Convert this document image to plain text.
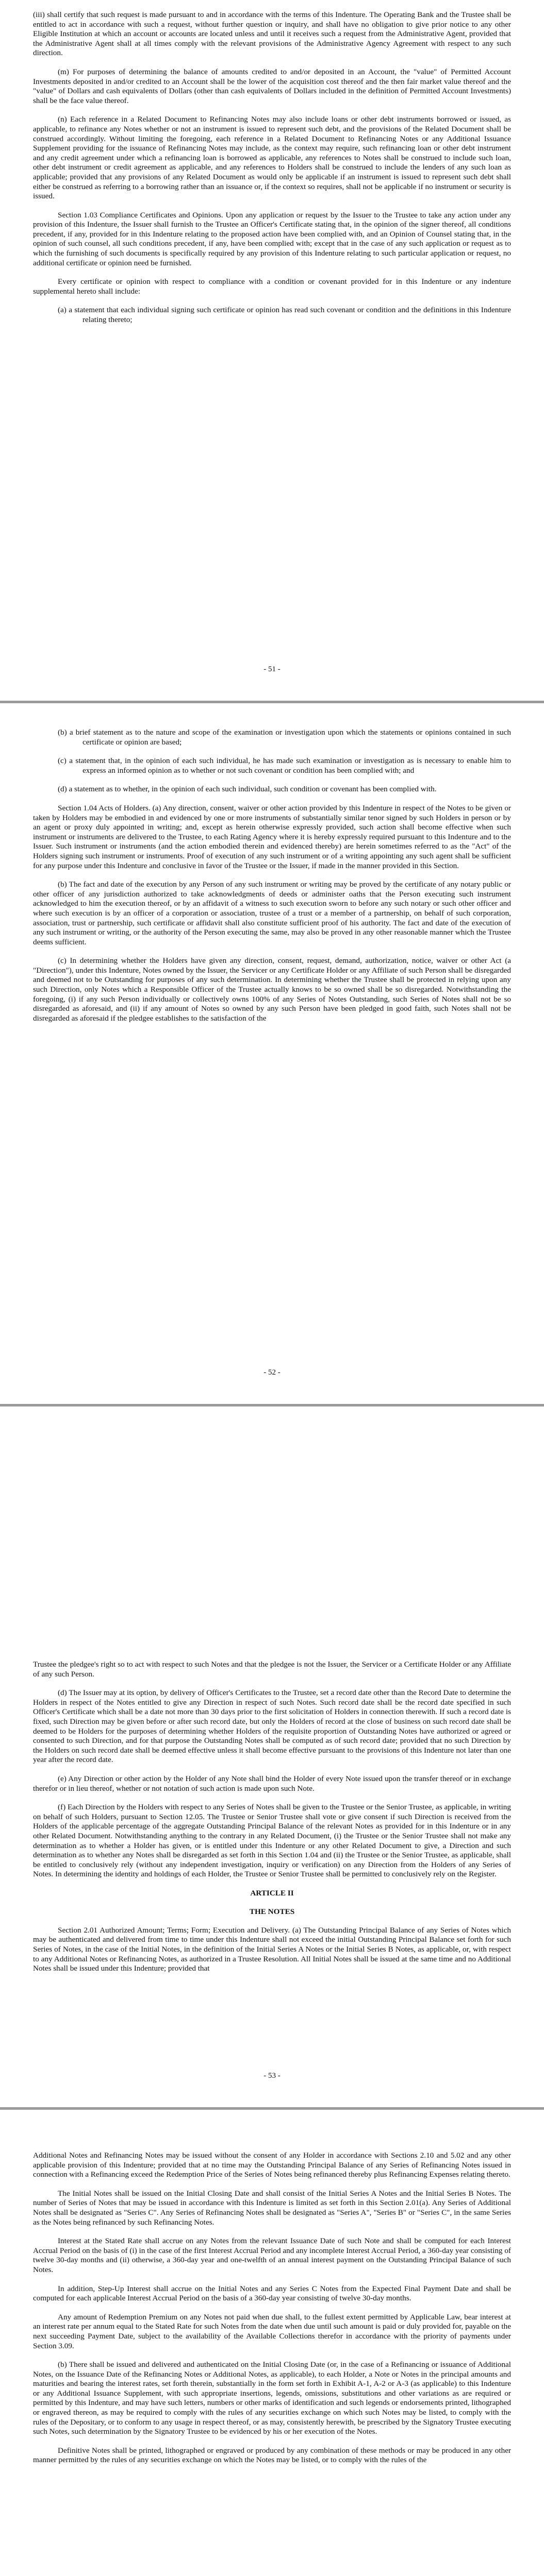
(iii) shall certify that such request is made pursuant to and in accordance with the terms of this Indenture. The Operating Bank and the Trustee shall be entitled to act in accordance with such a request, without further question or inquiry, and shall have no obligation to give prior notice to any other Eligible Institution at which an account or accounts are located unless and until it receives such a request from the Administrative Agent, provided that the Administrative Agent shall at all times comply with the relevant provisions of the Administrative Agency Agreement with respect to any such direction.

(m) For purposes of determining the balance of amounts credited to and/or deposited in an Account, the "value" of Permitted Account Investments deposited in and/or credited to an Account shall be the lower of the acquisition cost thereof and the then fair market value thereof and the "value" of Dollars and cash equivalents of Dollars (other than cash equivalents of Dollars included in the definition of Permitted Account Investments) shall be the face value thereof.

(n) Each reference in a Related Document to Refinancing Notes may also include loans or other debt instruments borrowed or issued, as applicable, to refinance any Notes whether or not an instrument is issued to represent such debt, and the provisions of the Related Document shall be construed accordingly. Without limiting the foregoing, each reference in a Related Document to Refinancing Notes or any Additional Issuance Supplement providing for the issuance of Refinancing Notes may include, as the context may require, such refinancing loan or other debt instrument and any credit agreement under which a refinancing loan is borrowed as applicable, any references to Notes shall be construed to include such loan, other debt instrument or credit agreement as applicable, and any references to Holders shall be construed to include the lenders of any such loan as applicable; provided that any provisions of any Related Document as would only be applicable if an instrument is issued to represent such debt shall either be construed as referring to a borrowing rather than an issuance or, if the context so requires, shall not be applicable if no instrument or security is issued.

Section 1.03 Compliance Certificates and Opinions. Upon any application or request by the Issuer to the Trustee to take any action under any provision of this Indenture, the Issuer shall furnish to the Trustee an Officer's Certificate stating that, in the opinion of the signer thereof, all conditions precedent, if any, provided for in this Indenture relating to the proposed action have been complied with, and an Opinion of Counsel stating that, in the opinion of such counsel, all such conditions precedent, if any, have been complied with; except that in the case of any such application or request as to which the furnishing of such documents is specifically required by any provision of this Indenture relating to such particular application or request, no additional certificate or opinion need be furnished.

Every certificate or opinion with respect to compliance with a condition or covenant provided for in this Indenture or any indenture supplemental hereto shall include:

(a) a statement that each individual signing such certificate or opinion has read such covenant or condition and the definitions in this Indenture relating thereto;

- 51 -

(b) a brief statement as to the nature and scope of the examination or investigation upon which the statements or opinions contained in such certificate or opinion are based;

(c) a statement that, in the opinion of each such individual, he has made such examination or investigation as is necessary to enable him to express an informed opinion as to whether or not such covenant or condition has been complied with; and

(d) a statement as to whether, in the opinion of each such individual, such condition or covenant has been complied with.

Section 1.04 Acts of Holders. (a) Any direction, consent, waiver or other action provided by this Indenture in respect of the Notes to be given or taken by Holders may be embodied in and evidenced by one or more instruments of substantially similar tenor signed by such Holders in person or by an agent or proxy duly appointed in writing; and, except as herein otherwise expressly provided, such action shall become effective when such instrument or instruments are delivered to the Trustee, to each Rating Agency where it is hereby expressly required pursuant to this Indenture and to the Issuer. Such instrument or instruments (and the action embodied therein and evidenced thereby) are herein sometimes referred to as the "Act" of the Holders signing such instrument or instruments. Proof of execution of any such instrument or of a writing appointing any such agent shall be sufficient for any purpose under this Indenture and conclusive in favor of the Trustee or the Issuer, if made in the manner provided in this Section.

(b) The fact and date of the execution by any Person of any such instrument or writing may be proved by the certificate of any notary public or other officer of any jurisdiction authorized to take acknowledgments of deeds or administer oaths that the Person executing such instrument acknowledged to him the execution thereof, or by an affidavit of a witness to such execution sworn to before any such notary or such other officer and where such execution is by an officer of a corporation or association, trustee of a trust or a member of a partnership, on behalf of such corporation, association, trust or partnership, such certificate or affidavit shall also constitute sufficient proof of his authority. The fact and date of the execution of any such instrument or writing, or the authority of the Person executing the same, may also be proved in any other reasonable manner which the Trustee deems sufficient.

(c) In determining whether the Holders have given any direction, consent, request, demand, authorization, notice, waiver or other Act (a "Direction"), under this Indenture, Notes owned by the Issuer, the Servicer or any Certificate Holder or any Affiliate of such Person shall be disregarded and deemed not to be Outstanding for purposes of any such determination. In determining whether the Trustee shall be protected in relying upon any such Direction, only Notes which a Responsible Officer of the Trustee actually knows to be so owned shall be so disregarded. Notwithstanding the foregoing, (i) if any such Person individually or collectively owns 100% of any Series of Notes Outstanding, such Series of Notes shall not be so disregarded as aforesaid, and (ii) if any amount of Notes so owned by any such Person have been pledged in good faith, such Notes shall not be disregarded as aforesaid if the pledgee establishes to the satisfaction of the

- 52 -

Trustee the pledgee's right so to act with respect to such Notes and that the pledgee is not the Issuer, the Servicer or a Certificate Holder or any Affiliate of any such Person.

(d) The Issuer may at its option, by delivery of Officer's Certificates to the Trustee, set a record date other than the Record Date to determine the Holders in respect of the Notes entitled to give any Direction in respect of such Notes. Such record date shall be the record date specified in such Officer's Certificate which shall be a date not more than 30 days prior to the first solicitation of Holders in connection therewith. If such a record date is fixed, such Direction may be given before or after such record date, but only the Holders of record at the close of business on such record date shall be deemed to be Holders for the purposes of determining whether Holders of the requisite proportion of Outstanding Notes have authorized or agreed or consented to such Direction, and for that purpose the Outstanding Notes shall be computed as of such record date; provided that no such Direction by the Holders on such record date shall be deemed effective unless it shall become effective pursuant to the provisions of this Indenture not later than one year after the record date.

(e) Any Direction or other action by the Holder of any Note shall bind the Holder of every Note issued upon the transfer thereof or in exchange therefor or in lieu thereof, whether or not notation of such action is made upon such Note.

(f) Each Direction by the Holders with respect to any Series of Notes shall be given to the Trustee or the Senior Trustee, as applicable, in writing on behalf of such Holders, pursuant to Section 12.05. The Trustee or Senior Trustee shall vote or give consent if such Direction is received from the Holders of the applicable percentage of the aggregate Outstanding Principal Balance of the relevant Notes as provided for in this Indenture or in any other Related Document. Notwithstanding anything to the contrary in any Related Document, (i) the Trustee or the Senior Trustee shall not make any determination as to whether a Holder has given, or is entitled under this Indenture or any other Related Document to give, a Direction and such determination as to whether any Notes shall be disregarded as set forth in this Section 1.04 and (ii) the Trustee or the Senior Trustee, as applicable, shall be entitled to conclusively rely (without any independent investigation, inquiry or verification) on any Direction from the Holders of any Series of Notes. In determining the identity and holdings of each Holder, the Trustee or Senior Trustee shall be permitted to conclusively rely on the Register.

ARTICLE II
THE NOTES

Section 2.01 Authorized Amount; Terms; Form; Execution and Delivery. (a) The Outstanding Principal Balance of any Series of Notes which may be authenticated and delivered from time to time under this Indenture shall not exceed the initial Outstanding Principal Balance set forth for such Series of Notes, in the case of the Initial Notes, in the definition of the Initial Series A Notes or the Initial Series B Notes, as applicable, or, with respect to any Additional Notes or Refinancing Notes, as authorized in a Trustee Resolution. All Initial Notes shall be issued at the same time and no Additional Notes shall be issued under this Indenture; provided that

- 53 -

Additional Notes and Refinancing Notes may be issued without the consent of any Holder in accordance with Sections 2.10 and 5.02 and any other applicable provision of this Indenture; provided that at no time may the Outstanding Principal Balance of any Series of Refinancing Notes issued in connection with a Refinancing exceed the Redemption Price of the Series of Notes being refinanced thereby plus Refinancing Expenses relating thereto.

The Initial Notes shall be issued on the Initial Closing Date and shall consist of the Initial Series A Notes and the Initial Series B Notes. The number of Series of Notes that may be issued in accordance with this Indenture is limited as set forth in this Section 2.01(a). Any Series of Additional Notes shall be designated as "Series C". Any Series of Refinancing Notes shall be designated as "Series A", "Series B" or "Series C", in the same Series as the Notes being refinanced by such Refinancing Notes.

Interest at the Stated Rate shall accrue on any Notes from the relevant Issuance Date of such Note and shall be computed for each Interest Accrual Period on the basis of (i) in the case of the first Interest Accrual Period and any incomplete Interest Accrual Period, a 360-day year consisting of twelve 30-day months and (ii) otherwise, a 360-day year and one-twelfth of an annual interest payment on the Outstanding Principal Balance of such Notes.

In addition, Step-Up Interest shall accrue on the Initial Notes and any Series C Notes from the Expected Final Payment Date and shall be computed for each applicable Interest Accrual Period on the basis of a 360-day year consisting of twelve 30-day months.

Any amount of Redemption Premium on any Notes not paid when due shall, to the fullest extent permitted by Applicable Law, bear interest at an interest rate per annum equal to the Stated Rate for such Notes from the date when due until such amount is paid or duly provided for, payable on the next succeeding Payment Date, subject to the availability of the Available Collections therefor in accordance with the priority of payments under Section 3.09.

(b) There shall be issued and delivered and authenticated on the Initial Closing Date (or, in the case of a Refinancing or issuance of Additional Notes, on the Issuance Date of the Refinancing Notes or Additional Notes, as applicable), to each Holder, a Note or Notes in the principal amounts and maturities and bearing the interest rates, set forth therein, substantially in the form set forth in Exhibit A-1, A-2 or A-3 (as applicable) to this Indenture or any Additional Issuance Supplement, with such appropriate insertions, legends, omissions, substitutions and other variations as are required or permitted by this Indenture, and may have such letters, numbers or other marks of identification and such legends or endorsements printed, lithographed or engraved thereon, as may be required to comply with the rules of any securities exchange on which such Notes may be listed, to comply with the rules of the Depositary, or to conform to any usage in respect thereof, or as may, consistently herewith, be prescribed by the Signatory Trustee executing such Notes, such determination by the Signatory Trustee to be evidenced by his or her execution of the Notes.

Definitive Notes shall be printed, lithographed or engraved or produced by any combination of these methods or may be produced in any other manner permitted by the rules of any securities exchange on which the Notes may be listed, or to comply with the rules of the
